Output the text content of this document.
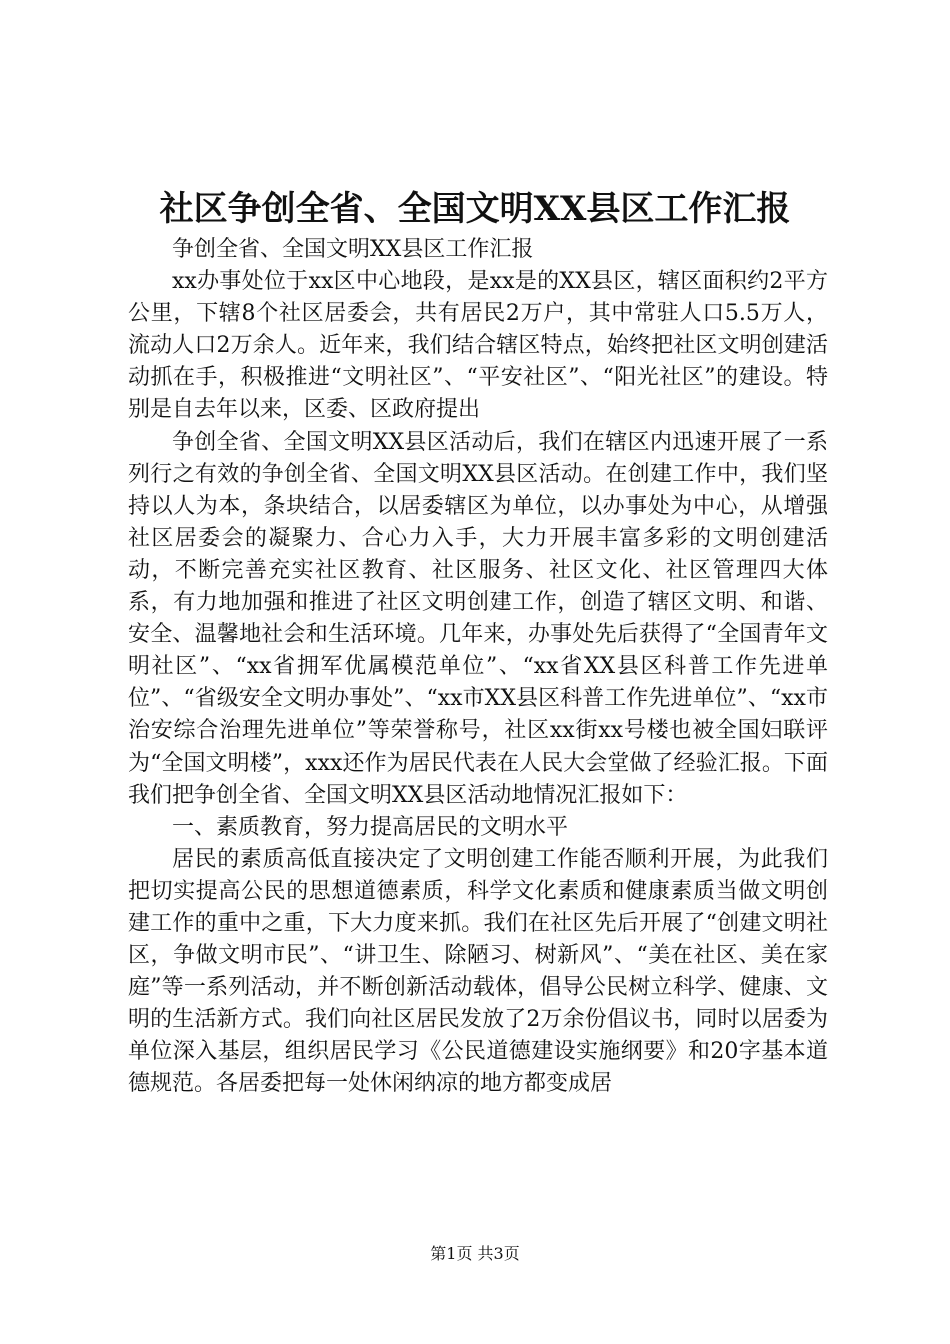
社区争创全省、全国文明XX县区工作汇报

争创全省、全国文明XX县区工作汇报

xx办事处位于xx区中心地段，是xx是的XX县区，辖区面积约2平方公里，下辖8个社区居委会，共有居民2万户，其中常驻人口5.5万人，流动人口2万余人。近年来，我们结合辖区特点，始终把社区文明创建活动抓在手，积极推进“文明社区”、“平安社区”、“阳光社区”的建设。特别是自去年以来，区委、区政府提出

争创全省、全国文明XX县区活动后，我们在辖区内迅速开展了一系列行之有效的争创全省、全国文明XX县区活动。在创建工作中，我们坚持以人为本，条块结合，以居委辖区为单位，以办事处为中心，从增强社区居委会的凝聚力、合心力入手，大力开展丰富多彩的文明创建活动，不断完善充实社区教育、社区服务、社区文化、社区管理四大体系，有力地加强和推进了社区文明创建工作，创造了辖区文明、和谐、安全、温馨地社会和生活环境。几年来，办事处先后获得了“全国青年文明社区”、“xx省拥军优属模范单位”、“xx省XX县区科普工作先进单位”、“省级安全文明办事处”、“xx市XX县区科普工作先进单位”、“xx市治安综合治理先进单位”等荣誉称号，社区xx街xx号楼也被全国妇联评为“全国文明楼”，xxx还作为居民代表在人民大会堂做了经验汇报。下面我们把争创全省、全国文明XX县区活动地情况汇报如下：

一、素质教育，努力提高居民的文明水平

居民的素质高低直接决定了文明创建工作能否顺利开展，为此我们把切实提高公民的思想道德素质，科学文化素质和健康素质当做文明创建工作的重中之重，下大力度来抓。我们在社区先后开展了“创建文明社区，争做文明市民”、“讲卫生、除陋习、树新风”、“美在社区、美在家庭”等一系列活动，并不断创新活动载体，倡导公民树立科学、健康、文明的生活新方式。我们向社区居民发放了2万余份倡议书，同时以居委为单位深入基层，组织居民学习《公民道德建设实施纲要》和20字基本道德规范。各居委把每一处休闲纳凉的地方都变成居

第1页 共3页
